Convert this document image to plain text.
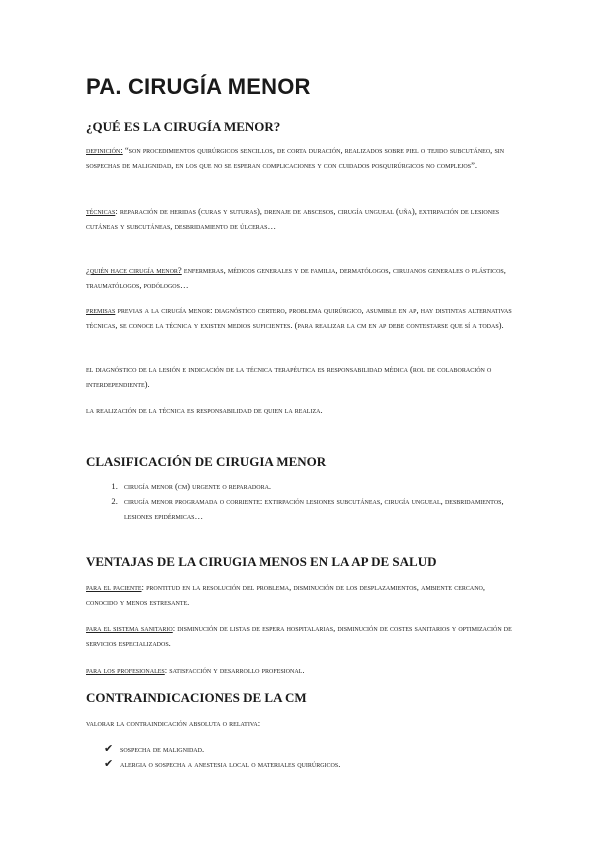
PA. CIRUGÍA MENOR
¿QUÉ ES LA CIRUGÍA MENOR?

definición: “son procedimientos quirúrgicos sencillos, de corta duración, realizados sobre piel o tejido subcutáneo, sin sospechas de malignidad, en los que no se esperan complicaciones y con cuidados posquirúrgicos no complejos”.

técnicas: reparación de heridas (curas y suturas), drenaje de abscesos, cirugía ungueal (uña), extirpación de lesiones cutáneas y subcutáneas, desbridamiento de úlceras…

¿quién hace cirugía menor? enfermeras, médicos generales y de familia, dermatólogos, cirujanos generales o plásticos, traumatólogos, podólogos…

premisas previas a la cirugía menor: diagnóstico certero, problema quirúrgico, asumible en ap, hay distintas alternativas técnicas, se conoce la técnica y existen medios suficientes. (para realizar la cm en ap debe contestarse que sí a todas).

el diagnóstico de la lesión e indicación de la técnica terapéutica es responsabilidad médica (rol de colaboración o interdependiente).

la realización de la técnica es responsabilidad de quien la realiza.

CLASIFICACIÓN DE CIRUGIA MENOR
1. cirugía menor (cm) urgente o reparadora.
2. cirugía menor programada o corriente: extirpación lesiones subcutáneas, cirugía ungueal, desbridamientos, lesiones epidérmicas…
VENTAJAS DE LA CIRUGIA MENOS EN LA AP DE SALUD

para el paciente: prontitud en la resolución del problema, disminución de los desplazamientos, ambiente cercano, conocido y menos estresante.

para el sistema sanitario: disminución de listas de espera hospitalarias, disminución de costes sanitarios y optimización de servicios especializados.

para los profesionales: satisfacción y desarrollo profesional.

CONTRAINDICACIONES DE LA CM

valorar la contraindicación absoluta o relativa:

✔ sospecha de malignidad.
✔ alergia o sospecha a anestesia local o materiales quirúrgicos.
